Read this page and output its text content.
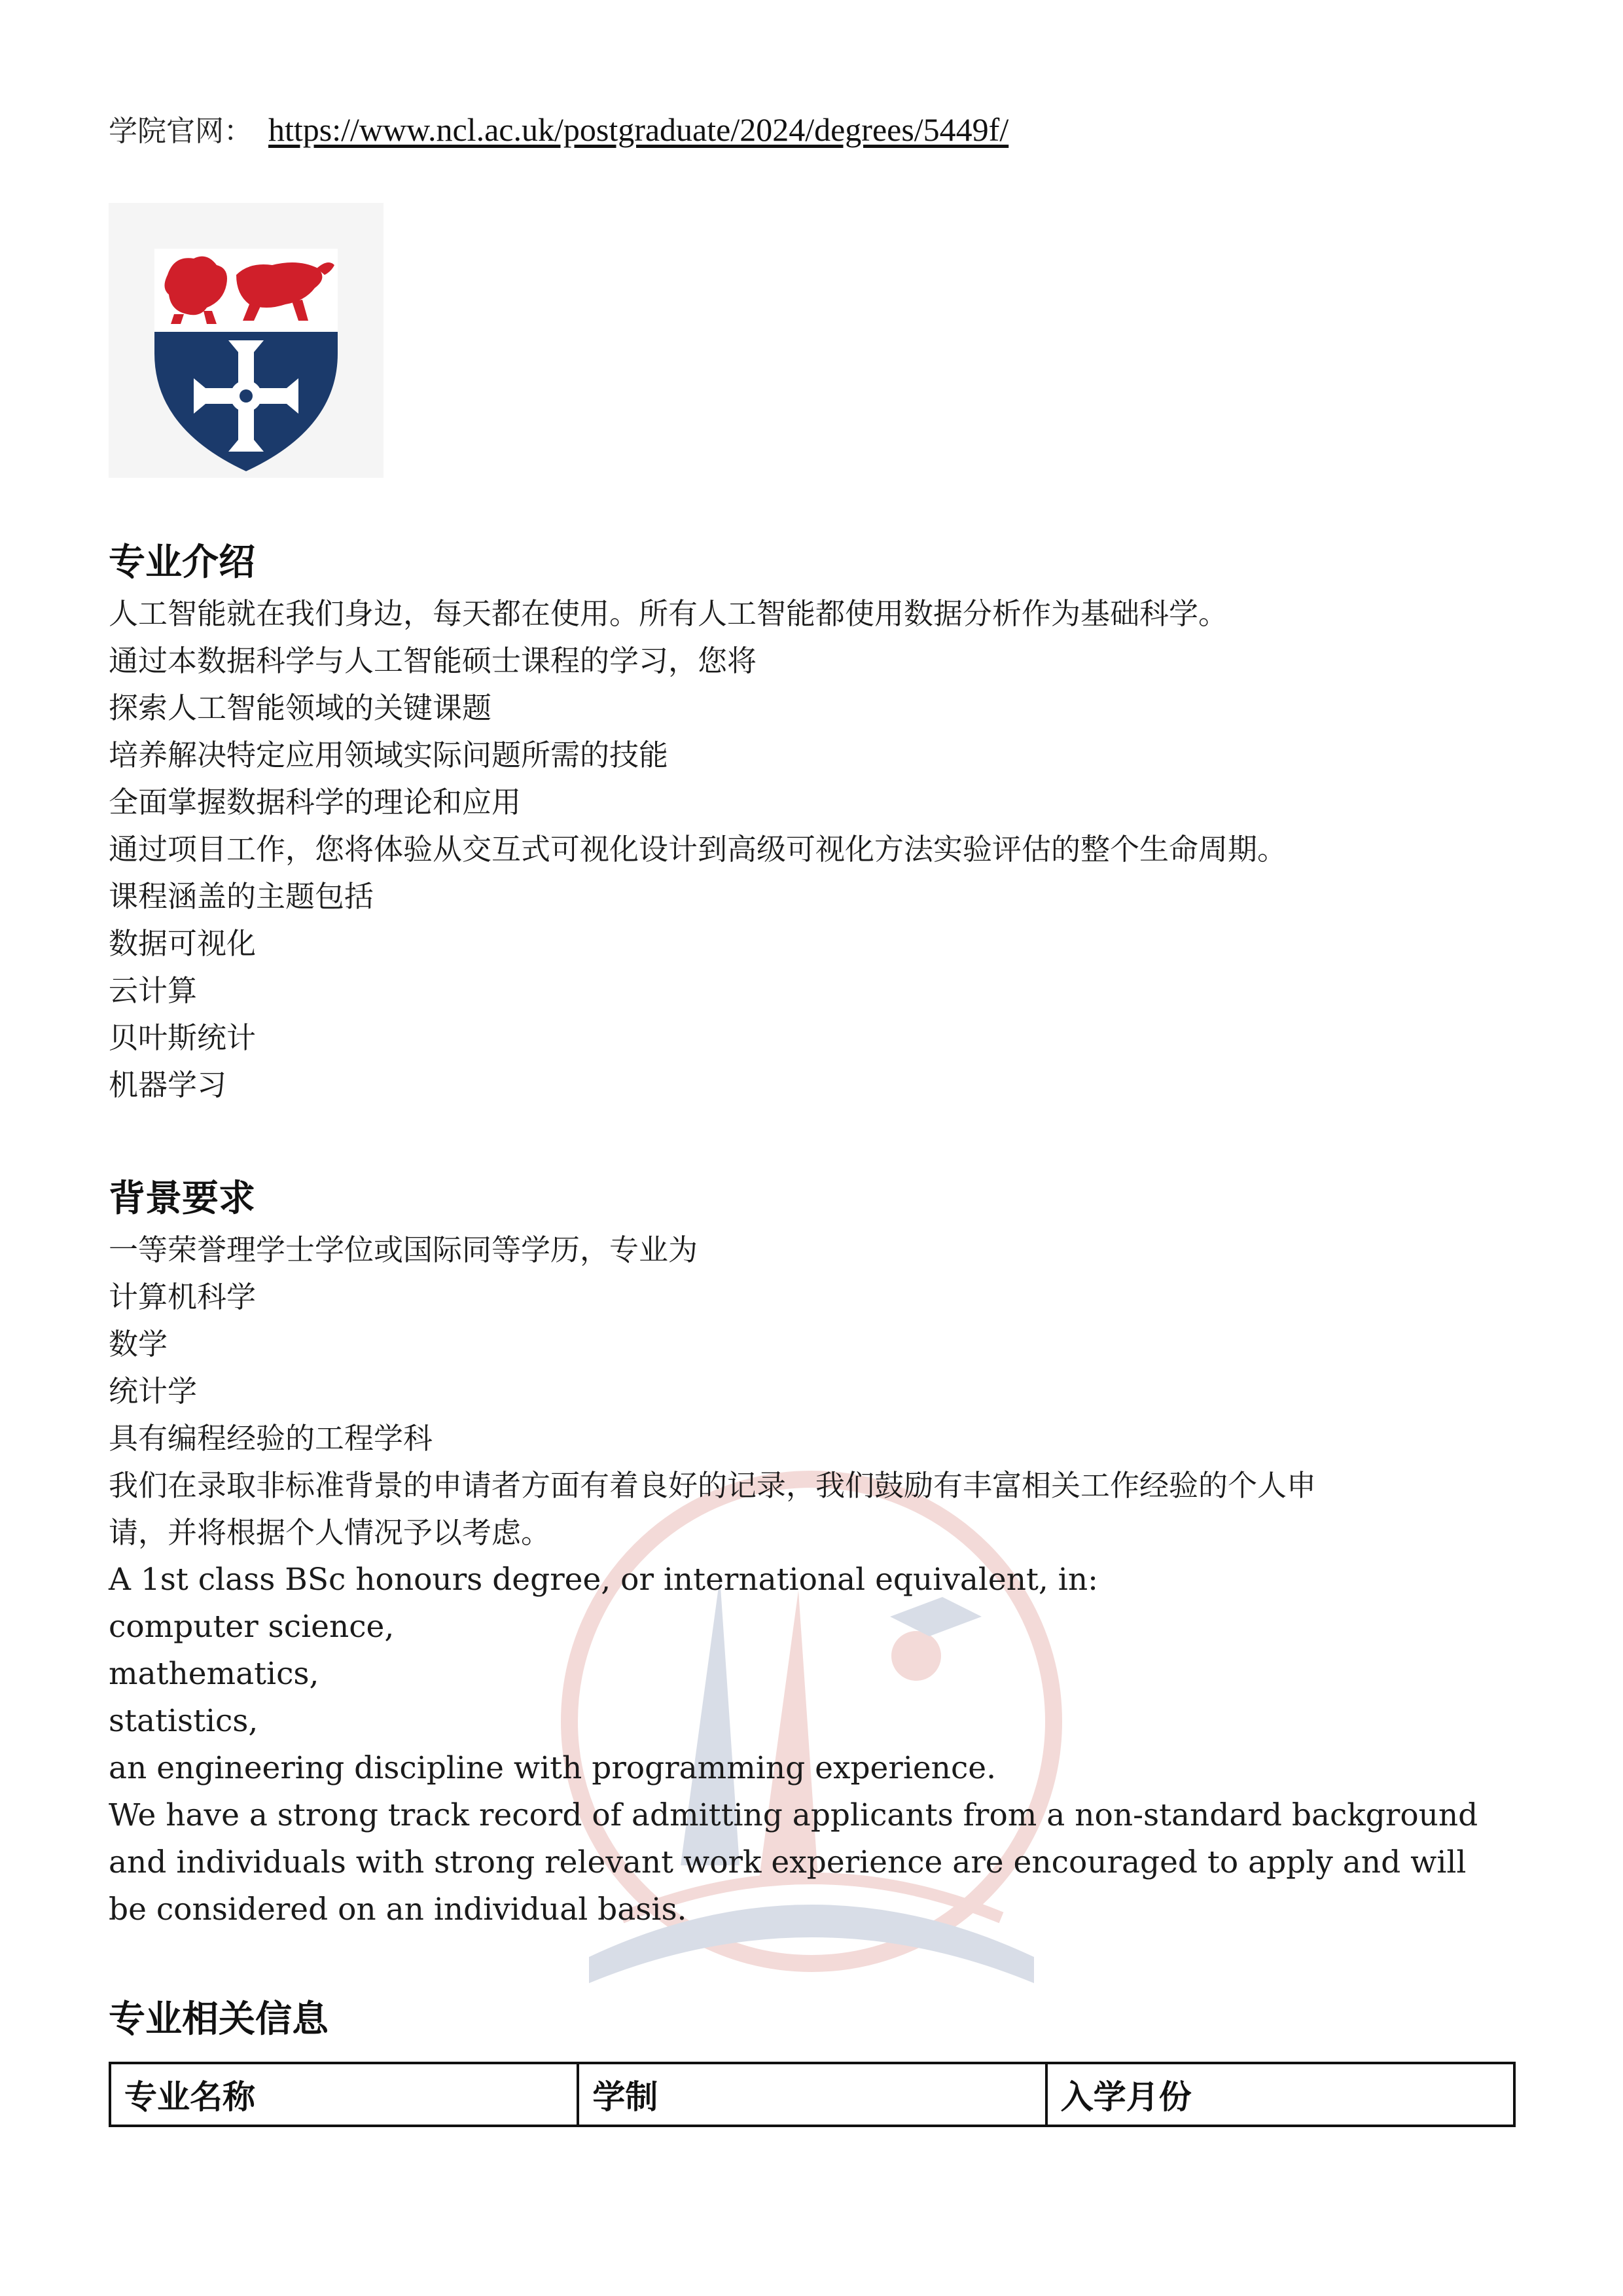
学院官网： https://www.ncl.ac.uk/postgraduate/2024/degrees/5449f/
专业介绍
人工智能就在我们身边，每天都在使用。所有人工智能都使用数据分析作为基础科学。
通过本数据科学与人工智能硕士课程的学习，您将
探索人工智能领域的关键课题
培养解决特定应用领域实际问题所需的技能
全面掌握数据科学的理论和应用
通过项目工作，您将体验从交互式可视化设计到高级可视化方法实验评估的整个生命周期。
课程涵盖的主题包括
数据可视化
云计算
贝叶斯统计
机器学习
背景要求
一等荣誉理学士学位或国际同等学历，专业为
计算机科学
数学
统计学
具有编程经验的工程学科
我们在录取非标准背景的申请者方面有着良好的记录，我们鼓励有丰富相关工作经验的个人申
请，并将根据个人情况予以考虑。
A 1st class BSc honours degree, or international equivalent, in:
computer science,
mathematics,
statistics,
an engineering discipline with programming experience.
We have a strong track record of admitting applicants from a non-standard background
and individuals with strong relevant work experience are encouraged to apply and will
be considered on an individual basis.
专业相关信息
专业名称	学制	入学月份
